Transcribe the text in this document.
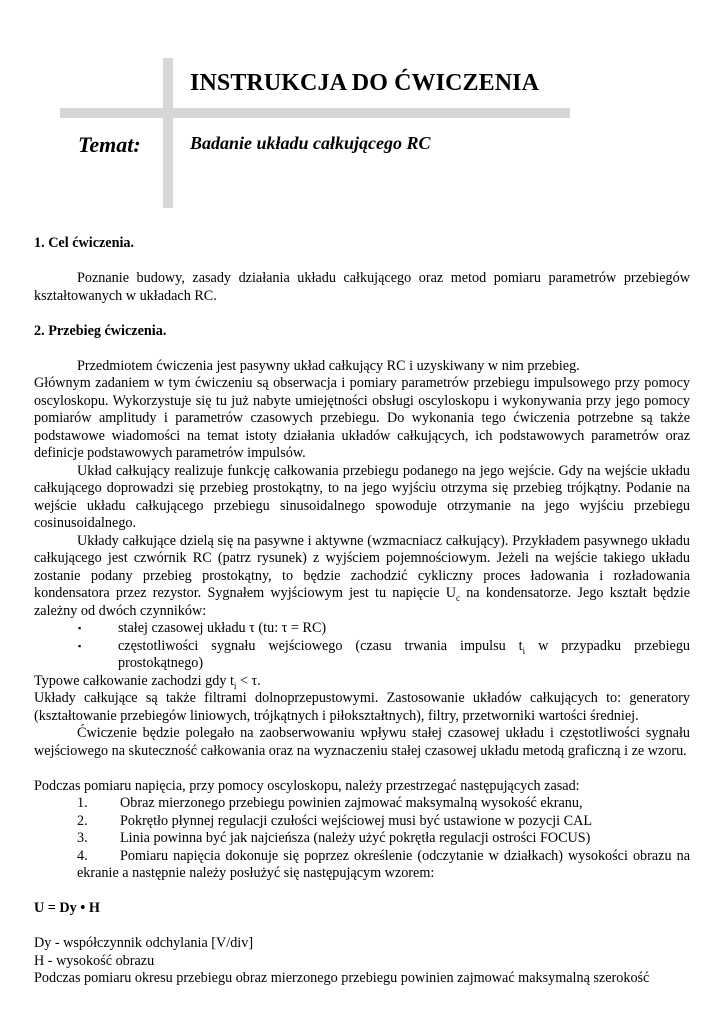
INSTRUKCJA DO ĆWICZENIA
Temat:	Badanie układu całkującego RC

1. Cel ćwiczenia.

Poznanie budowy, zasady działania układu całkującego oraz metod pomiaru parametrów przebiegów kształtowanych w układach RC.

2. Przebieg ćwiczenia.

Przedmiotem ćwiczenia jest pasywny układ całkujący RC i uzyskiwany w nim przebieg.

Głównym zadaniem w tym ćwiczeniu są obserwacja i pomiary parametrów przebiegu impulsowego przy pomocy oscyloskopu. Wykorzystuje się tu już nabyte umiejętności obsługi oscyloskopu i wykonywania przy jego pomocy pomiarów amplitudy i parametrów czasowych przebiegu. Do wykonania tego ćwiczenia potrzebne są także podstawowe wiadomości na temat istoty działania układów całkujących, ich podstawowych parametrów oraz definicje podstawowych parametrów impulsów.

Układ całkujący realizuje funkcję całkowania przebiegu podanego na jego wejście. Gdy na wejście układu całkującego doprowadzi się przebieg prostokątny, to na jego wyjściu otrzyma się przebieg trójkątny. Podanie na wejście układu całkującego przebiegu sinusoidalnego spowoduje otrzymanie na jego wyjściu przebiegu cosinusoidalnego.

Układy całkujące dzielą się na pasywne i aktywne (wzmacniacz całkujący). Przykładem pasywnego układu całkującego jest czwórnik RC (patrz rysunek) z wyjściem pojemnościowym. Jeżeli na wejście takiego układu zostanie podany przebieg prostokątny, to będzie zachodzić cykliczny proces ładowania i rozładowania kondensatora przez rezystor. Sygnałem wyjściowym jest tu napięcie $U_c$ na kondensatorze. Jego kształt będzie zależny od dwóch czynników:

▪	stałej czasowej układu τ (tu: τ = RC)
▪	częstotliwości sygnału wejściowego (czasu trwania impulsu $t_i$ w przypadku przebiegu prostokątnego)

Typowe całkowanie zachodzi gdy $t_i < \tau$.

Układy całkujące są także filtrami dolnoprzepustowymi. Zastosowanie układów całkujących to: generatory (kształtowanie przebiegów liniowych, trójkątnych i piłokształtnych), filtry, przetworniki wartości średniej.

Ćwiczenie będzie polegało na zaobserwowaniu wpływu stałej czasowej układu i częstotliwości sygnału wejściowego na skuteczność całkowania oraz na wyznaczeniu stałej czasowej układu metodą graficzną i ze wzoru.

Podczas pomiaru napięcia, przy pomocy oscyloskopu, należy przestrzegać następujących zasad:

1. Obraz mierzonego przebiegu powinien zajmować maksymalną wysokość ekranu,
2. Pokrętło płynnej regulacji czułości wejściowej musi być ustawione w pozycji CAL
3. Linia powinna być jak najcieńsza (należy użyć pokrętła regulacji ostrości FOCUS)
4. Pomiaru napięcia dokonuje się poprzez określenie (odczytanie w działkach) wysokości obrazu na ekranie a następnie należy posłużyć się następującym wzorem:

U = Dy • H

Dy - współczynnik odchylania [V/div]

H - wysokość obrazu

Podczas pomiaru okresu przebiegu obraz mierzonego przebiegu powinien zajmować maksymalną szerokość
